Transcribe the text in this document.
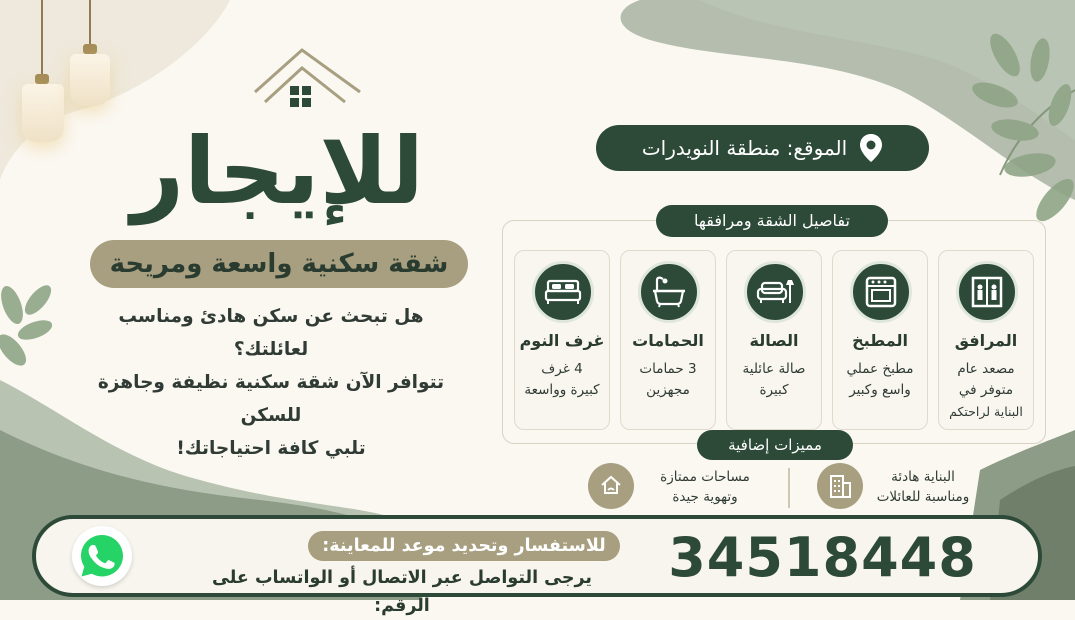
للإيجار
شقة سكنية واسعة ومريحة
هل تبحث عن سكن هادئ ومناسب لعائلتك؟
تتوافر الآن شقة سكنية نظيفة وجاهزة للسكن
تلبي كافة احتياجاتك!
الموقع: منطقة النويدرات
تفاصيل الشقة ومرافقها
المرافق
مصعد عام
متوفر في
البناية لراحتكم
المطبخ
مطبخ عملي
واسع وكبير
الصالة
صالة عائلية
كبيرة
الحمامات
3 حمامات
مجهزين
غرف النوم
4 غرف
كبيرة وواسعة
مميزات إضافية
البناية هادئة
ومناسبة للعائلات
مساحات ممتازة
وتهوية جيدة
للاستفسار وتحديد موعد للمعاينة:
يرجى التواصل عبر الاتصال أو الواتساب على الرقم:
34518448
